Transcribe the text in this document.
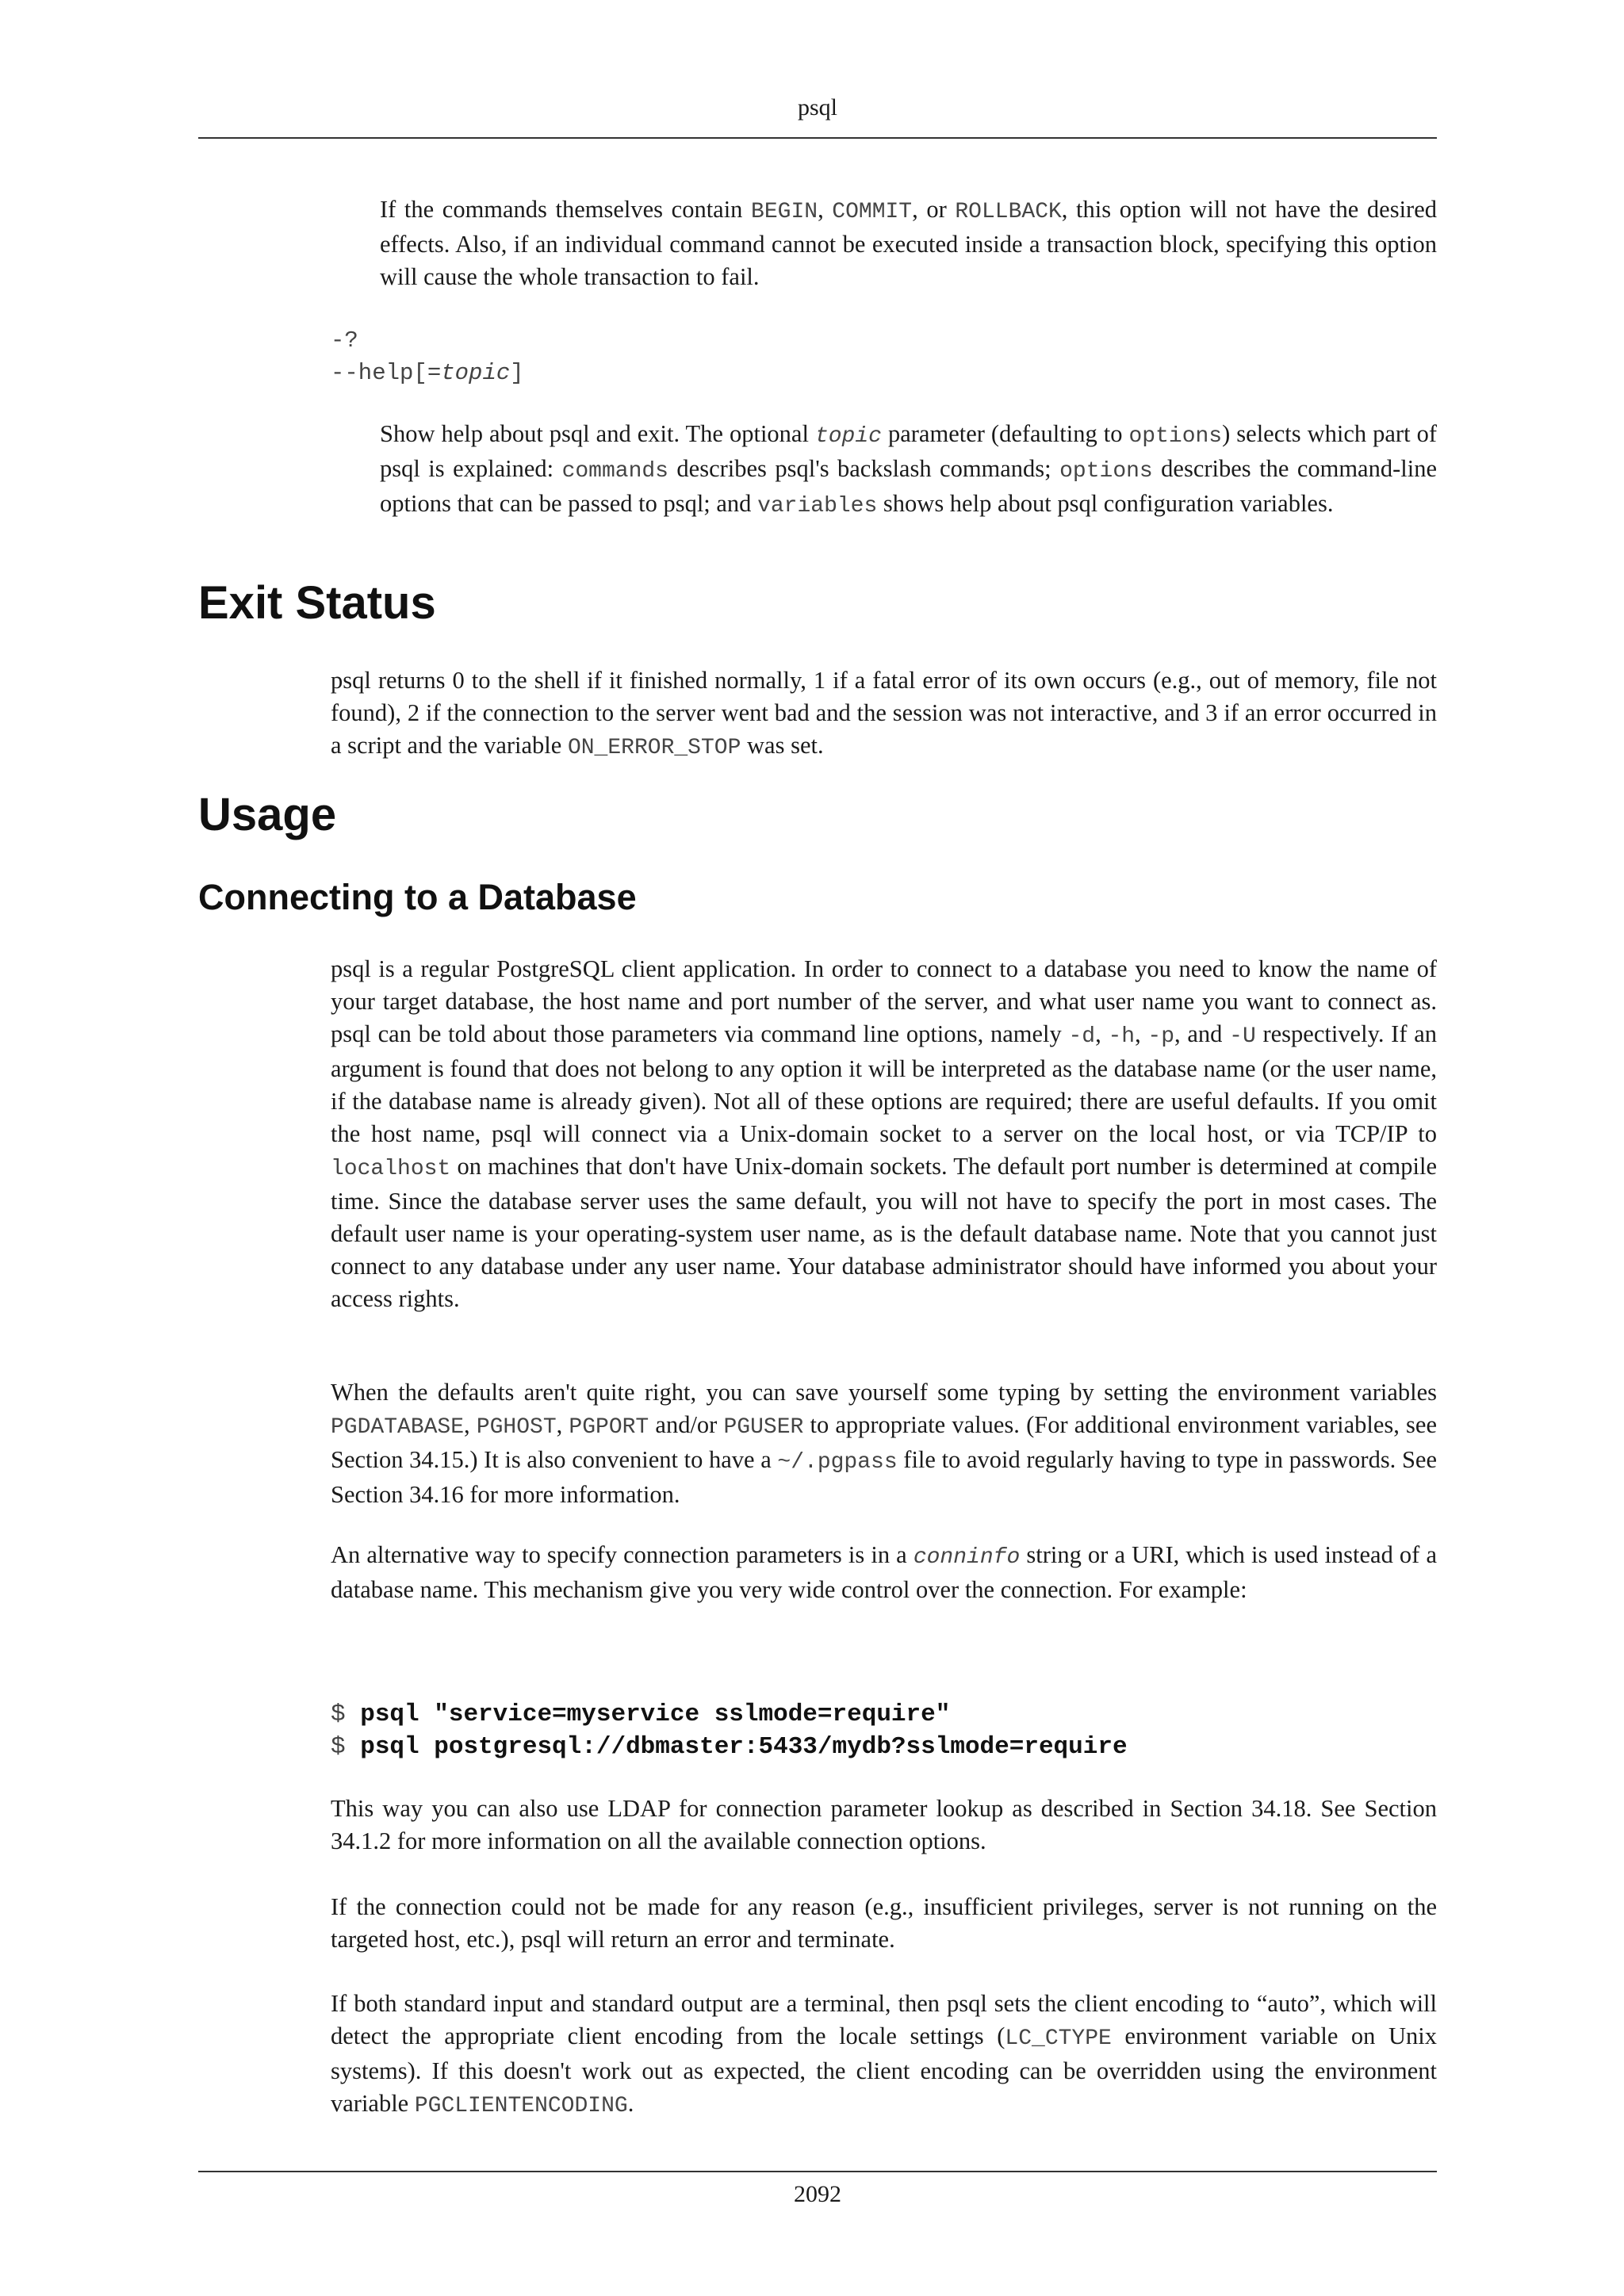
psql

If the commands themselves contain BEGIN, COMMIT, or ROLLBACK, this option will not have the desired effects. Also, if an individual command cannot be executed inside a transaction block, specifying this option will cause the whole transaction to fail.

-?
--help[=topic]

Show help about psql and exit. The optional topic parameter (defaulting to options) selects which part of psql is explained: commands describes psql's backslash commands; options describes the command-line options that can be passed to psql; and variables shows help about psql configuration variables.

Exit Status

psql returns 0 to the shell if it finished normally, 1 if a fatal error of its own occurs (e.g., out of memory, file not found), 2 if the connection to the server went bad and the session was not interactive, and 3 if an error occurred in a script and the variable ON_ERROR_STOP was set.

Usage
Connecting to a Database

psql is a regular PostgreSQL client application. In order to connect to a database you need to know the name of your target database, the host name and port number of the server, and what user name you want to connect as. psql can be told about those parameters via command line options, namely -d, -h, -p, and -U respectively. If an argument is found that does not belong to any option it will be interpreted as the database name (or the user name, if the database name is already given). Not all of these options are required; there are useful defaults. If you omit the host name, psql will connect via a Unix-domain socket to a server on the local host, or via TCP/IP to localhost on machines that don't have Unix-domain sockets. The default port number is determined at compile time. Since the database server uses the same default, you will not have to specify the port in most cases. The default user name is your operating-system user name, as is the default database name. Note that you cannot just connect to any database under any user name. Your database administrator should have informed you about your access rights.

When the defaults aren't quite right, you can save yourself some typing by setting the environment variables PGDATABASE, PGHOST, PGPORT and/or PGUSER to appropriate values. (For additional environment variables, see Section 34.15.) It is also convenient to have a ~/.pgpass file to avoid regularly having to type in passwords. See Section 34.16 for more information.

An alternative way to specify connection parameters is in a conninfo string or a URI, which is used instead of a database name. This mechanism give you very wide control over the connection. For example:

$ psql "service=myservice sslmode=require"
$ psql postgresql://dbmaster:5433/mydb?sslmode=require

This way you can also use LDAP for connection parameter lookup as described in Section 34.18. See Section 34.1.2 for more information on all the available connection options.

If the connection could not be made for any reason (e.g., insufficient privileges, server is not running on the targeted host, etc.), psql will return an error and terminate.

If both standard input and standard output are a terminal, then psql sets the client encoding to “auto”, which will detect the appropriate client encoding from the locale settings (LC_CTYPE environment variable on Unix systems). If this doesn't work out as expected, the client encoding can be overridden using the environment variable PGCLIENTENCODING.

2092
